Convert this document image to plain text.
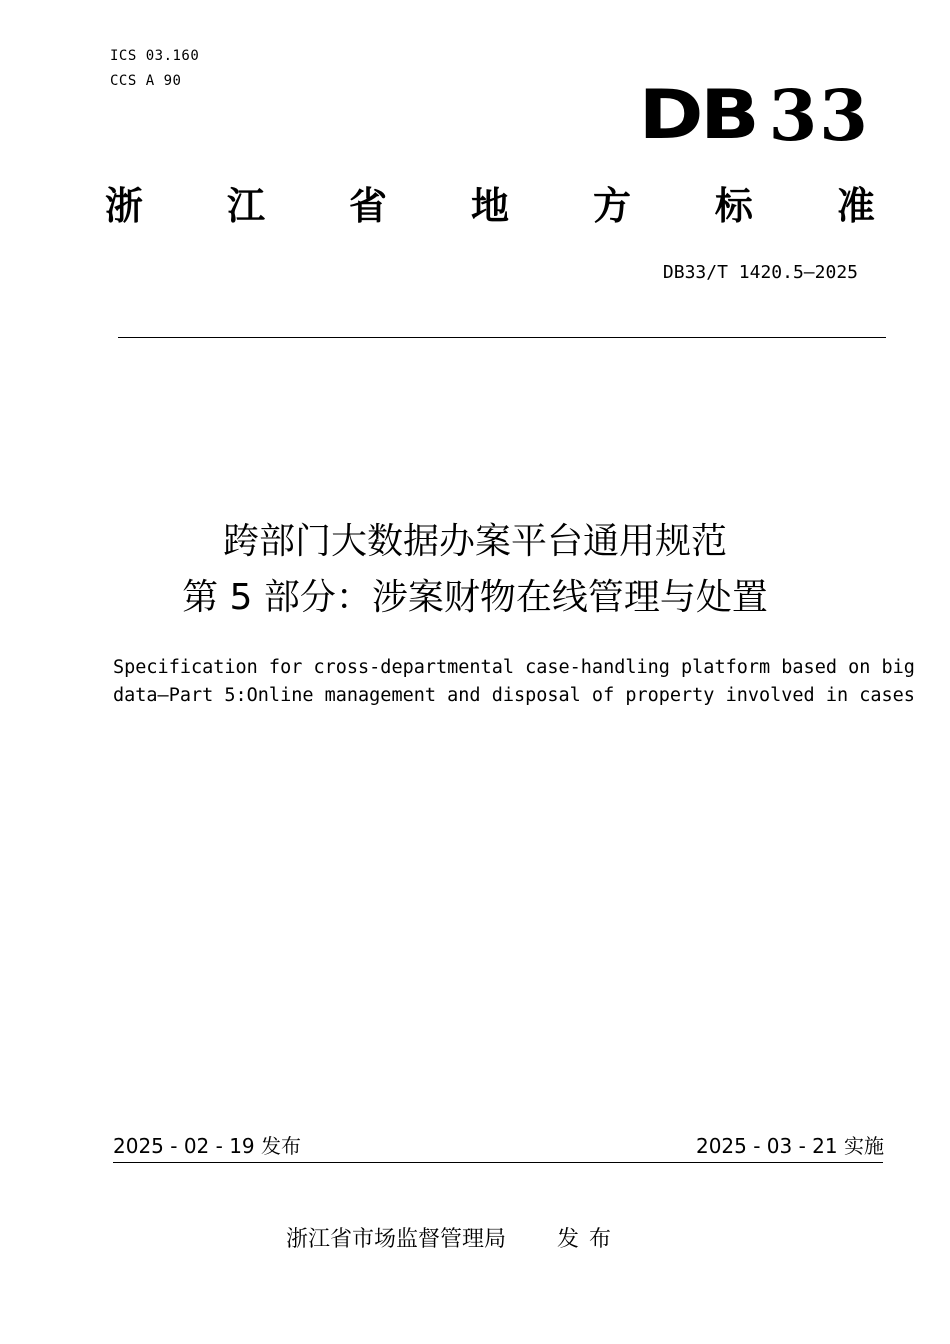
ICS 03.160
CCS A 90	DB 33
浙 江 省 地 方 标 准
DB33/T 1420.5—2025
跨部门大数据办案平台通用规范
第 5 部分：涉案财物在线管理与处置
Specification for cross-departmental case-handling platform based on big
data—Part 5:Online management and disposal of property involved in cases
2025 - 02 - 19 发布	2025 - 03 - 21 实施
浙江省市场监督管理局 发布
